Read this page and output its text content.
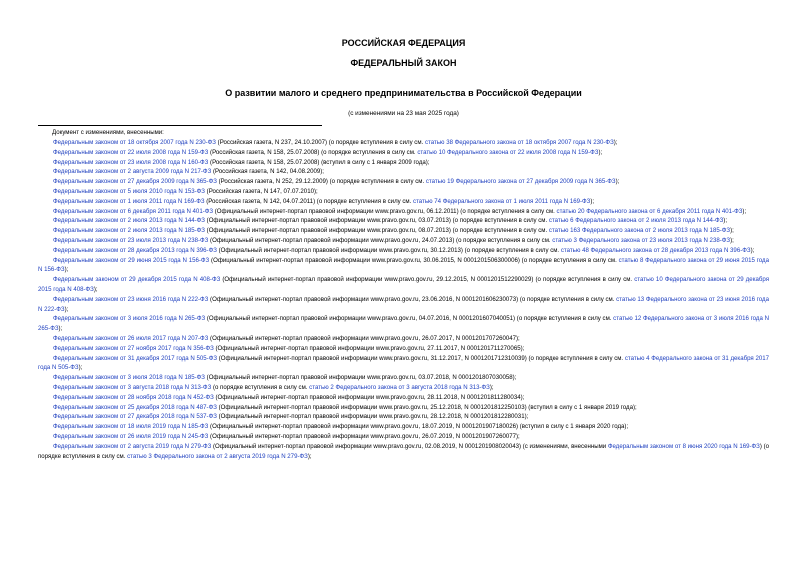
РОССИЙСКАЯ ФЕДЕРАЦИЯ
ФЕДЕРАЛЬНЫЙ ЗАКОН
О развитии малого и среднего предпринимательства в Российской Федерации
(с изменениями на 23 мая 2025 года)
Документ с изменениями, внесенными:

Федеральным законом от 18 октября 2007 года N 230-ФЗ (Российская газета, N 237, 24.10.2007) (о порядке вступления в силу см. статью 38 Федерального закона от 18 октября 2007 года N 230-ФЗ);

Федеральным законом от 22 июля 2008 года N 159-ФЗ (Российская газета, N 158, 25.07.2008) (о порядке вступления в силу см. статью 10 Федерального закона от 22 июля 2008 года N 159-ФЗ);

Федеральным законом от 23 июля 2008 года N 160-ФЗ (Российская газета, N 158, 25.07.2008) (вступил в силу с 1 января 2009 года);

Федеральным законом от 2 августа 2009 года N 217-ФЗ (Российская газета, N 142, 04.08.2009);

Федеральным законом от 27 декабря 2009 года N 365-ФЗ (Российская газета, N 252, 29.12.2009) (о порядке вступления в силу см. статью 19 Федерального закона от 27 декабря 2009 года N 365-ФЗ);

Федеральным законом от 5 июля 2010 года N 153-ФЗ (Российская газета, N 147, 07.07.2010);

Федеральным законом от 1 июля 2011 года N 169-ФЗ (Российская газета, N 142, 04.07.2011) (о порядке вступления в силу см. статью 74 Федерального закона от 1 июля 2011 года N 169-ФЗ);

Федеральным законом от 6 декабря 2011 года N 401-ФЗ (Официальный интернет-портал правовой информации www.pravo.gov.ru, 06.12.2011) (о порядке вступления в силу см. статью 20 Федерального закона от 6 декабря 2011 года N 401-ФЗ);

Федеральным законом от 2 июля 2013 года N 144-ФЗ (Официальный интернет-портал правовой информации www.pravo.gov.ru, 03.07.2013) (о порядке вступления в силу см. статью 6 Федерального закона от 2 июля 2013 года N 144-ФЗ);

Федеральным законом от 2 июля 2013 года N 185-ФЗ (Официальный интернет-портал правовой информации www.pravo.gov.ru, 08.07.2013) (о порядке вступления в силу см. статью 163 Федерального закона от 2 июля 2013 года N 185-ФЗ);

Федеральным законом от 23 июля 2013 года N 238-ФЗ (Официальный интернет-портал правовой информации www.pravo.gov.ru, 24.07.2013) (о порядке вступления в силу см. статью 3 Федерального закона от 23 июля 2013 года N 238-ФЗ);

Федеральным законом от 28 декабря 2013 года N 396-ФЗ (Официальный интернет-портал правовой информации www.pravo.gov.ru, 30.12.2013) (о порядке вступления в силу см. статью 48 Федерального закона от 28 декабря 2013 года N 396-ФЗ);

Федеральным законом от 29 июня 2015 года N 156-ФЗ (Официальный интернет-портал правовой информации www.pravo.gov.ru, 30.06.2015, N 0001201506300006) (о порядке вступления в силу см. статью 8 Федерального закона от 29 июня 2015 года N 156-ФЗ);

Федеральным законом от 29 декабря 2015 года N 408-ФЗ (Официальный интернет-портал правовой информации www.pravo.gov.ru, 29.12.2015, N 0001201512290029) (о порядке вступления в силу см. статью 10 Федерального закона от 29 декабря 2015 года N 408-ФЗ);

Федеральным законом от 23 июня 2016 года N 222-ФЗ (Официальный интернет-портал правовой информации www.pravo.gov.ru, 23.06.2016, N 0001201606230073) (о порядке вступления в силу см. статью 13 Федерального закона от 23 июня 2016 года N 222-ФЗ);

Федеральным законом от 3 июля 2016 года N 265-ФЗ (Официальный интернет-портал правовой информации www.pravo.gov.ru, 04.07.2016, N 0001201607040051) (о порядке вступления в силу см. статью 12 Федерального закона от 3 июля 2016 года N 265-ФЗ);

Федеральным законом от 26 июля 2017 года N 207-ФЗ (Официальный интернет-портал правовой информации www.pravo.gov.ru, 26.07.2017, N 0001201707260047);

Федеральным законом от 27 ноября 2017 года N 356-ФЗ (Официальный интернет-портал правовой информации www.pravo.gov.ru, 27.11.2017, N 0001201711270065);

Федеральным законом от 31 декабря 2017 года N 505-ФЗ (Официальный интернет-портал правовой информации www.pravo.gov.ru, 31.12.2017, N 0001201712310039) (о порядке вступления в силу см. статью 4 Федерального закона от 31 декабря 2017 года N 505-ФЗ);

Федеральным законом от 3 июля 2018 года N 185-ФЗ (Официальный интернет-портал правовой информации www.pravo.gov.ru, 03.07.2018, N 0001201807030058);

Федеральным законом от 3 августа 2018 года N 313-ФЗ (о порядке вступления в силу см. статью 2 Федерального закона от 3 августа 2018 года N 313-ФЗ);

Федеральным законом от 28 ноября 2018 года N 452-ФЗ (Официальный интернет-портал правовой информации www.pravo.gov.ru, 28.11.2018, N 0001201811280034);

Федеральным законом от 25 декабря 2018 года N 487-ФЗ (Официальный интернет-портал правовой информации www.pravo.gov.ru, 25.12.2018, N 0001201812250103) (вступил в силу с 1 января 2019 года);

Федеральным законом от 27 декабря 2018 года N 537-ФЗ (Официальный интернет-портал правовой информации www.pravo.gov.ru, 28.12.2018, N 0001201812280031);

Федеральным законом от 18 июля 2019 года N 185-ФЗ (Официальный интернет-портал правовой информации www.pravo.gov.ru, 18.07.2019, N 0001201907180026) (вступил в силу с 1 января 2020 года);

Федеральным законом от 26 июля 2019 года N 245-ФЗ (Официальный интернет-портал правовой информации www.pravo.gov.ru, 26.07.2019, N 0001201907260077);

Федеральным законом от 2 августа 2019 года N 279-ФЗ (Официальный интернет-портал правовой информации www.pravo.gov.ru, 02.08.2019, N 0001201908020043) (с изменениями, внесенными Федеральным законом от 8 июня 2020 года N 169-ФЗ) (о порядке вступления в силу см. статью 3 Федерального закона от 2 августа 2019 года N 279-ФЗ);
